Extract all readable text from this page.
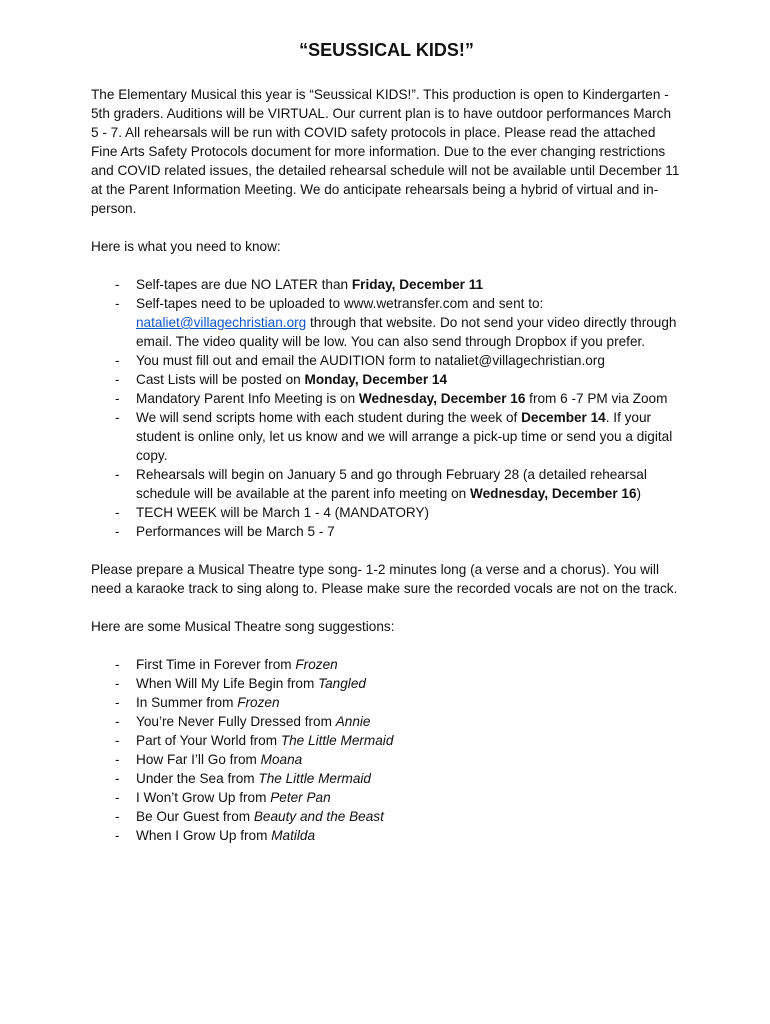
“SEUSSICAL KIDS!”

The Elementary Musical this year is “Seussical KIDS!”. This production is open to Kindergarten - 5th graders. Auditions will be VIRTUAL. Our current plan is to have outdoor performances March 5 - 7. All rehearsals will be run with COVID safety protocols in place. Please read the attached Fine Arts Safety Protocols document for more information. Due to the ever changing restrictions and COVID related issues, the detailed rehearsal schedule will not be available until December 11 at the Parent Information Meeting. We do anticipate rehearsals being a hybrid of virtual and in-person.

Here is what you need to know:

- Self-tapes are due NO LATER than Friday, December 11
- Self-tapes need to be uploaded to www.wetransfer.com and sent to: nataliet@villagechristian.org through that website. Do not send your video directly through email. The video quality will be low. You can also send through Dropbox if you prefer.
- You must fill out and email the AUDITION form to nataliet@villagechristian.org
- Cast Lists will be posted on Monday, December 14
- Mandatory Parent Info Meeting is on Wednesday, December 16 from 6 -7 PM via Zoom
- We will send scripts home with each student during the week of December 14. If your student is online only, let us know and we will arrange a pick-up time or send you a digital copy.
- Rehearsals will begin on January 5 and go through February 28 (a detailed rehearsal schedule will be available at the parent info meeting on Wednesday, December 16)
- TECH WEEK will be March 1 - 4 (MANDATORY)
- Performances will be March 5 - 7

Please prepare a Musical Theatre type song- 1-2 minutes long (a verse and a chorus). You will need a karaoke track to sing along to. Please make sure the recorded vocals are not on the track.

Here are some Musical Theatre song suggestions:

- First Time in Forever from Frozen
- When Will My Life Begin from Tangled
- In Summer from Frozen
- You’re Never Fully Dressed from Annie
- Part of Your World from The Little Mermaid
- How Far I’ll Go from Moana
- Under the Sea from The Little Mermaid
- I Won’t Grow Up from Peter Pan
- Be Our Guest from Beauty and the Beast
- When I Grow Up from Matilda
